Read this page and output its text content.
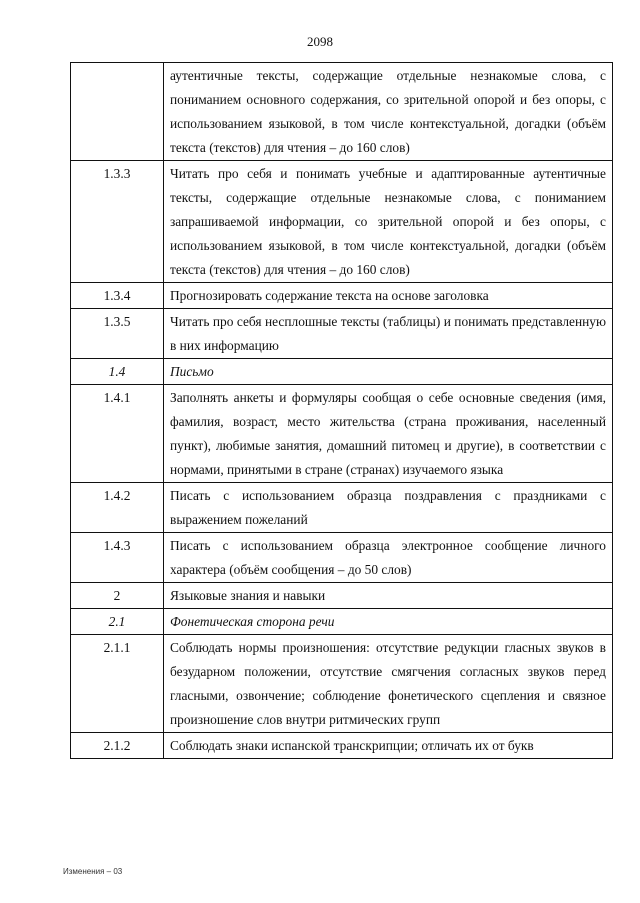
2098
	аутентичные тексты, содержащие отдельные незнакомые слова, с пониманием основного содержания, со зрительной опорой и без опоры, с использованием языковой, в том числе контекстуальной, догадки (объём текста (текстов) для чтения – до 160 слов)
1.3.3	Читать про себя и понимать учебные и адаптированные аутентичные тексты, содержащие отдельные незнакомые слова, с пониманием запрашиваемой информации, со зрительной опорой и без опоры, с использованием языковой, в том числе контекстуальной, догадки (объём текста (текстов) для чтения – до 160 слов)
1.3.4	Прогнозировать содержание текста на основе заголовка
1.3.5	Читать про себя несплошные тексты (таблицы) и понимать представленную в них информацию
1.4	Письмо
1.4.1	Заполнять анкеты и формуляры сообщая о себе основные сведения (имя, фамилия, возраст, место жительства (страна проживания, населенный пункт), любимые занятия, домашний питомец и другие), в соответствии с нормами, принятыми в стране (странах) изучаемого языка
1.4.2	Писать с использованием образца поздравления с праздниками с выражением пожеланий
1.4.3	Писать с использованием образца электронное сообщение личного характера (объём сообщения – до 50 слов)
2	Языковые знания и навыки
2.1	Фонетическая сторона речи
2.1.1	Соблюдать нормы произношения: отсутствие редукции гласных звуков в безударном положении, отсутствие смягчения согласных звуков перед гласными, озвончение; соблюдение фонетического сцепления и связное произношение слов внутри ритмических групп
2.1.2	Соблюдать знаки испанской транскрипции; отличать их от букв
Изменения – 03
